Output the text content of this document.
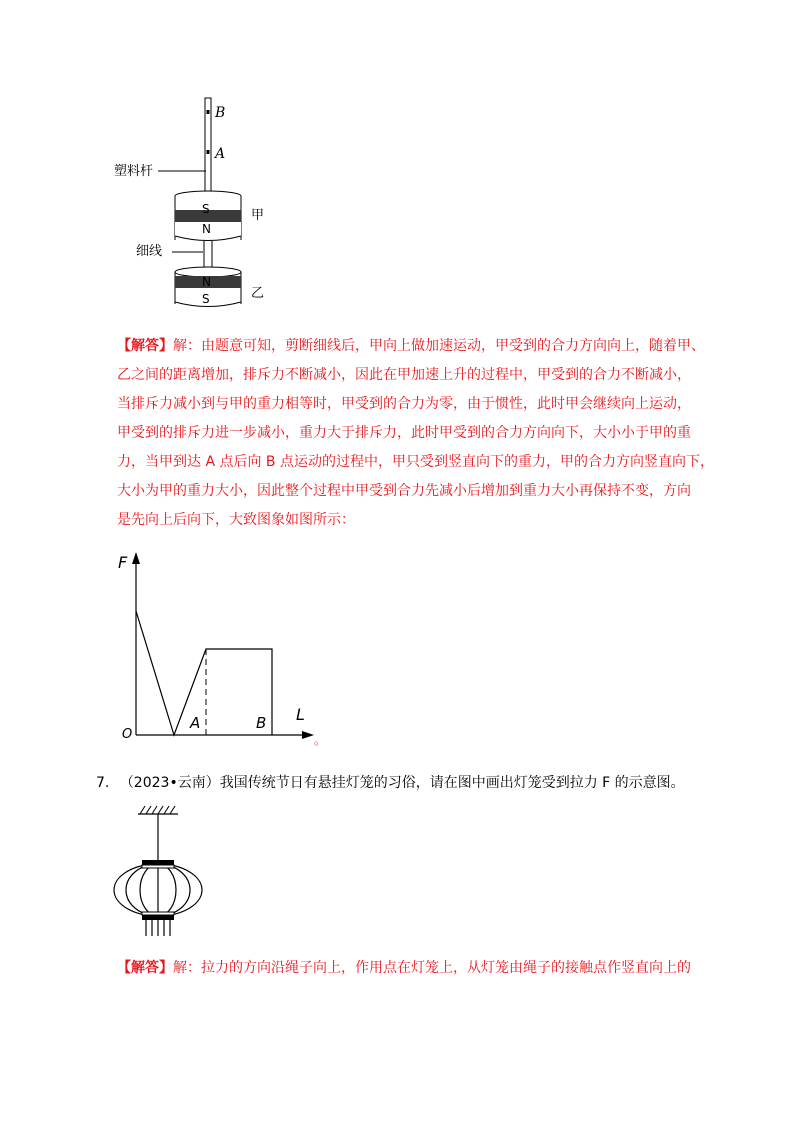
B
A
塑料杆
S
N
甲
细线
N
S	乙

【解答】解：由题意可知，剪断细线后，甲向上做加速运动，甲受到的合力方向向上，随着甲、

乙之间的距离增加，排斥力不断减小，因此在甲加速上升的过程中，甲受到的合力不断减小，

当排斥力减小到与甲的重力相等时，甲受到的合力为零，由于惯性，此时甲会继续向上运动，

甲受到的排斥力进一步减小，重力大于排斥力，此时甲受到的合力方向向下，大小小于甲的重

力，当甲到达 A 点后向 B 点运动的过程中，甲只受到竖直向下的重力，甲的合力方向竖直向下，

大小为甲的重力大小，因此整个过程中甲受到合力先减小后增加到重力大小再保持不变，方向

是先向上后向下，大致图象如图所示：

F
L
O
A	B
。
7. （2023•云南）我国传统节日有悬挂灯笼的习俗，请在图中画出灯笼受到拉力 F 的示意图。

【解答】解：拉力的方向沿绳子向上，作用点在灯笼上，从灯笼由绳子的接触点作竖直向上的
